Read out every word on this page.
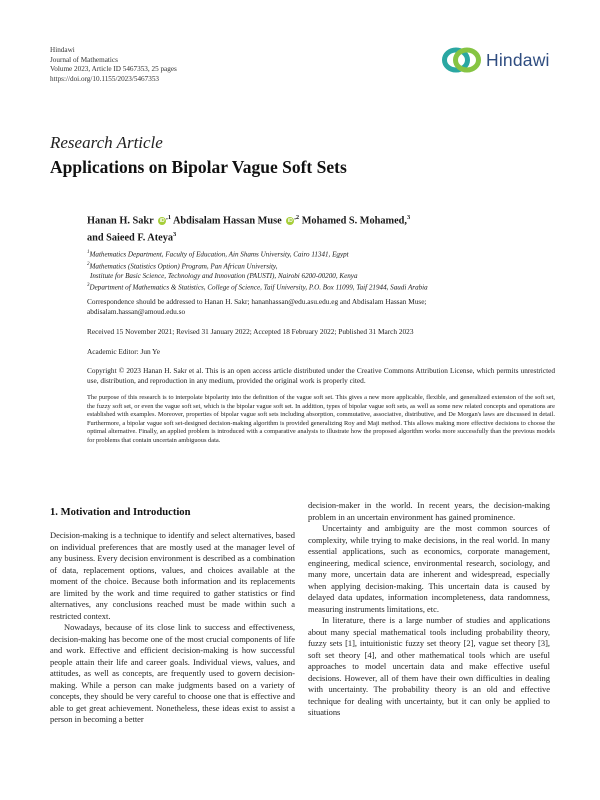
Hindawi
Journal of Mathematics
Volume 2023, Article ID 5467353, 25 pages
https://doi.org/10.1155/2023/5467353
Hindawi
Research Article
Applications on Bipolar Vague Soft Sets
Hanan H. Sakr $iD^{,1}$ Abdisalam Hassan Muse $iD^{,2}$ Mohamed S. Mohamed,$^3$
and Saieed F. Ateya$^3$
$^1$Mathematics Department, Faculty of Education, Ain Shams University, Cairo 11341, Egypt
$^2$Mathematics (Statistics Option) Program, Pan African University,
Institute for Basic Science, Technology and Innovation (PAUSTI), Nairobi 6200-00200, Kenya
$^3$Department of Mathematics & Statistics, College of Science, Taif University, P.O. Box 11099, Taif 21944, Saudi Arabia
Correspondence should be addressed to Hanan H. Sakr; hananhassan@edu.asu.edu.eg and Abdisalam Hassan Muse;
abdisalam.hassan@amoud.edu.so
Received 15 November 2021; Revised 31 January 2022; Accepted 18 February 2022; Published 31 March 2023
Academic Editor: Jun Ye
Copyright © 2023 Hanan H. Sakr et al. This is an open access article distributed under the Creative Commons Attribution License, which permits unrestricted use, distribution, and reproduction in any medium, provided the original work is properly cited.
The purpose of this research is to interpolate bipolarity into the definition of the vague soft set. This gives a new more applicable, flexible, and generalized extension of the soft set, the fuzzy soft set, or even the vague soft set, which is the bipolar vague soft set. In addition, types of bipolar vague soft sets, as well as some new related concepts and operations are established with examples. Moreover, properties of bipolar vague soft sets including absorption, commutative, associative, distributive, and De Morgan's laws are discussed in detail. Furthermore, a bipolar vague soft set-designed decision-making algorithm is provided generalizing Roy and Maji method. This allows making more effective decisions to choose the optimal alternative. Finally, an applied problem is introduced with a comparative analysis to illustrate how the proposed algorithm works more successfully than the previous models for problems that contain uncertain ambiguous data.
1. Motivation and Introduction

Decision-making is a technique to identify and select alternatives, based on individual preferences that are mostly used at the manager level of any business. Every decision environment is described as a combination of data, replacement options, values, and choices available at the moment of the choice. Because both information and its replacements are limited by the work and time required to gather statistics or find alternatives, any conclusions reached must be made within such a restricted context.

Nowadays, because of its close link to success and effectiveness, decision-making has become one of the most crucial components of life and work. Effective and efficient decision-making is how successful people attain their life and career goals. Individual views, values, and attitudes, as well as concepts, are frequently used to govern decision-making. While a person can make judgments based on a variety of concepts, they should be very careful to choose one that is effective and able to get great achievement. Nonetheless, these ideas exist to assist a person in becoming a better

decision-maker in the world. In recent years, the decision-making problem in an uncertain environment has gained prominence.

Uncertainty and ambiguity are the most common sources of complexity, while trying to make decisions, in the real world. In many essential applications, such as economics, corporate management, engineering, medical science, environmental research, sociology, and many more, uncertain data are inherent and widespread, especially when applying decision-making. This uncertain data is caused by delayed data updates, information incompleteness, data randomness, measuring instruments limitations, etc.

In literature, there is a large number of studies and applications about many special mathematical tools including probability theory, fuzzy sets [1], intuitionistic fuzzy set theory [2], vague set theory [3], soft set theory [4], and other mathematical tools which are useful approaches to model uncertain data and make effective useful decisions. However, all of them have their own difficulties in dealing with uncertainty. The probability theory is an old and effective technique for dealing with uncertainty, but it can only be applied to situations
